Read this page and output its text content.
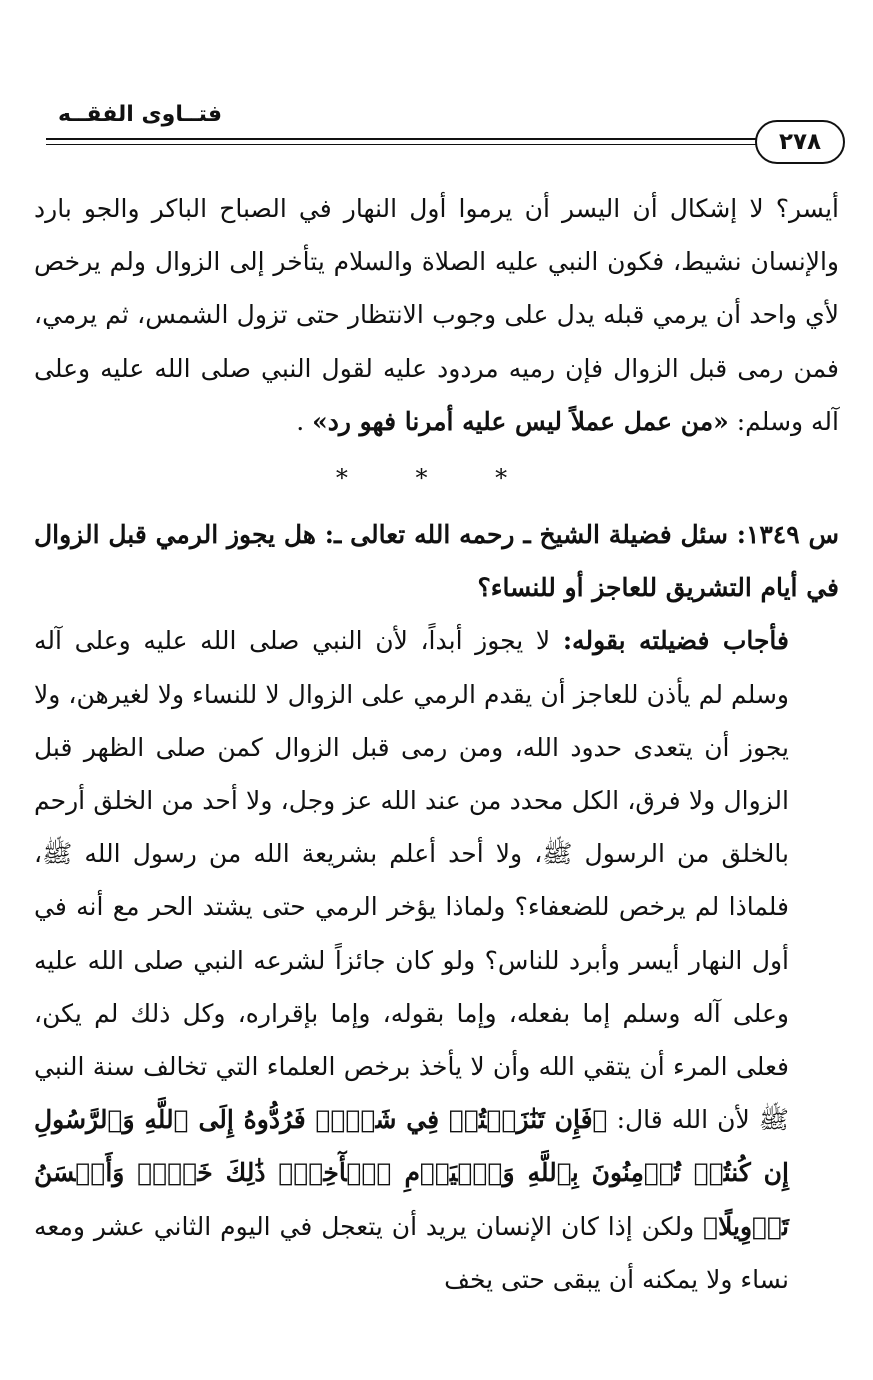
فتــاوى الفقــه
٢٧٨

أيسر؟ لا إشكال أن اليسر أن يرموا أول النهار في الصباح الباكر والجو بارد والإنسان نشيط، فكون النبي عليه الصلاة والسلام يتأخر إلى الزوال ولم يرخص لأي واحد أن يرمي قبله يدل على وجوب الانتظار حتى تزول الشمس، ثم يرمي، فمن رمى قبل الزوال فإن رميه مردود عليه لقول النبي صلى الله عليه وعلى آله وسلم: «من عمل عملاً ليس عليه أمرنا فهو رد» .

* * *

س ١٣٤٩: سئل فضيلة الشيخ ـ رحمه الله تعالى ـ: هل يجوز الرمي قبل الزوال في أيام التشريق للعاجز أو للنساء؟

فأجاب فضيلته بقوله: لا يجوز أبداً، لأن النبي صلى الله عليه وعلى آله وسلم لم يأذن للعاجز أن يقدم الرمي على الزوال لا للنساء ولا لغيرهن، ولا يجوز أن يتعدى حدود الله، ومن رمى قبل الزوال كمن صلى الظهر قبل الزوال ولا فرق، الكل محدد من عند الله عز وجل، ولا أحد من الخلق أرحم بالخلق من الرسول ﷺ، ولا أحد أعلم بشريعة الله من رسول الله ﷺ، فلماذا لم يرخص للضعفاء؟ ولماذا يؤخر الرمي حتى يشتد الحر مع أنه في أول النهار أيسر وأبرد للناس؟ ولو كان جائزاً لشرعه النبي صلى الله عليه وعلى آله وسلم إما بفعله، وإما بقوله، وإما بإقراره، وكل ذلك لم يكن، فعلى المرء أن يتقي الله وأن لا يأخذ برخص العلماء التي تخالف سنة النبي ﷺ لأن الله قال: ﴿فَإِن تَنَٰزَعۡتُمۡ فِي شَيۡءٖ فَرُدُّوهُ إِلَى ٱللَّهِ وَٱلرَّسُولِ إِن كُنتُمۡ تُؤۡمِنُونَ بِٱللَّهِ وَٱلۡيَوۡمِ ٱلۡأٓخِرِۚ ذَٰلِكَ خَيۡرٞ وَأَحۡسَنُ تَأۡوِيلًا﴾ ولكن إذا كان الإنسان يريد أن يتعجل في اليوم الثاني عشر ومعه نساء ولا يمكنه أن يبقى حتى يخف
